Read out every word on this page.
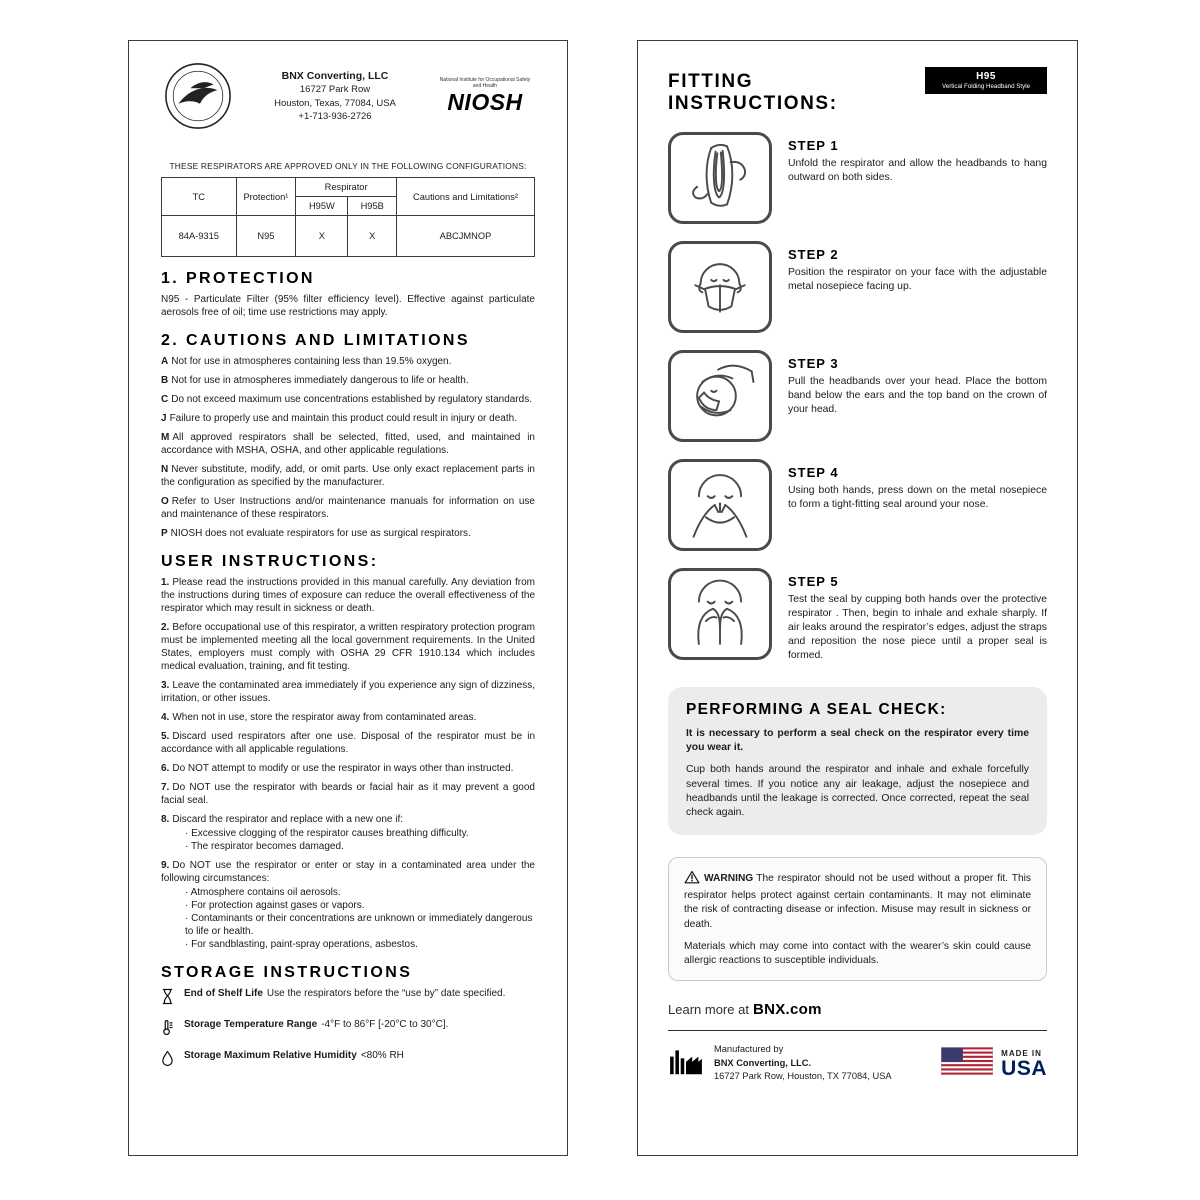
BNX Converting, LLC
16727 Park Row
Houston, Texas, 77084, USA
+1-713-936-2726
National Institute for Occupational Safety and Health
NIOSH
THESE RESPIRATORS ARE APPROVED ONLY IN THE FOLLOWING CONFIGURATIONS:
TC	Protection¹	Respirator		Cautions and Limitations²
		H95W	H95B	
84A-9315	N95	X	X	ABCJMNOP
1. PROTECTION

N95 - Particulate Filter (95% filter efficiency level). Effective against particulate aerosols free of oil; time use restrictions may apply.

2. CAUTIONS AND LIMITATIONS

A Not for use in atmospheres containing less than 19.5% oxygen.

B Not for use in atmospheres immediately dangerous to life or health.

C Do not exceed maximum use concentrations established by regulatory standards.

J Failure to properly use and maintain this product could result in injury or death.

M All approved respirators shall be selected, fitted, used, and maintained in accordance with MSHA, OSHA, and other applicable regulations.

N Never substitute, modify, add, or omit parts. Use only exact replacement parts in the configuration as specified by the manufacturer.

O Refer to User Instructions and/or maintenance manuals for information on use and maintenance of these respirators.

P NIOSH does not evaluate respirators for use as surgical respirators.

USER INSTRUCTIONS:

1. Please read the instructions provided in this manual carefully. Any deviation from the instructions during times of exposure can reduce the overall effectiveness of the respirator which may result in sickness or death.

2. Before occupational use of this respirator, a written respiratory protection program must be implemented meeting all the local government requirements. In the United States, employers must comply with OSHA 29 CFR 1910.134 which includes medical evaluation, training, and fit testing.

3. Leave the contaminated area immediately if you experience any sign of dizziness, irritation, or other issues.

4. When not in use, store the respirator away from contaminated areas.

5. Discard used respirators after one use. Disposal of the respirator must be in accordance with all applicable regulations.

6. Do NOT attempt to modify or use the respirator in ways other than instructed.

7. Do NOT use the respirator with beards or facial hair as it may prevent a good facial seal.

8. Discard the respirator and replace with a new one if:

· Excessive clogging of the respirator causes breathing difficulty.
· The respirator becomes damaged.

9. Do NOT use the respirator or enter or stay in a contaminated area under the following circumstances:

· Atmosphere contains oil aerosols.
· For protection against gases or vapors.
· Contaminants or their concentrations are unknown or immediately dangerous to life or health.
· For sandblasting, paint-spray operations, asbestos.
STORAGE INSTRUCTIONS
End of Shelf Life Use the respirators before the “use by” date specified.
Storage Temperature Range -4°F to 86°F [-20°C to 30°C].
Storage Maximum Relative Humidity <80% RH
FITTING INSTRUCTIONS:
H95
Vertical Folding Headband Style
STEP 1
Unfold the respirator and allow the headbands to hang outward on both sides.
STEP 2
Position the respirator on your face with the adjustable metal nosepiece facing up.
STEP 3
Pull the headbands over your head. Place the bottom band below the ears and the top band on the crown of your head.
STEP 4
Using both hands, press down on the metal nosepiece to form a tight-fitting seal around your nose.
STEP 5
Test the seal by cupping both hands over the protective respirator . Then, begin to inhale and exhale sharply. If air leaks around the respirator’s edges, adjust the straps and reposition the nose piece until a proper seal is formed.
PERFORMING A SEAL CHECK:
It is necessary to perform a seal check on the respirator every time you wear it.
Cup both hands around the respirator and inhale and exhale forcefully several times. If you notice any air leakage, adjust the nosepiece and headbands until the leakage is corrected. Once corrected, repeat the seal check again.

WARNING The respirator should not be used without a proper fit. This respirator helps protect against certain contaminants. It may not eliminate the risk of contracting disease or infection. Misuse may result in sickness or death.

Materials which may come into contact with the wearer’s skin could cause allergic reactions to susceptible individuals.

Learn more at BNX.com
Manufactured by
BNX Converting, LLC.
16727 Park Row, Houston, TX 77084, USA
MADE IN
USA
